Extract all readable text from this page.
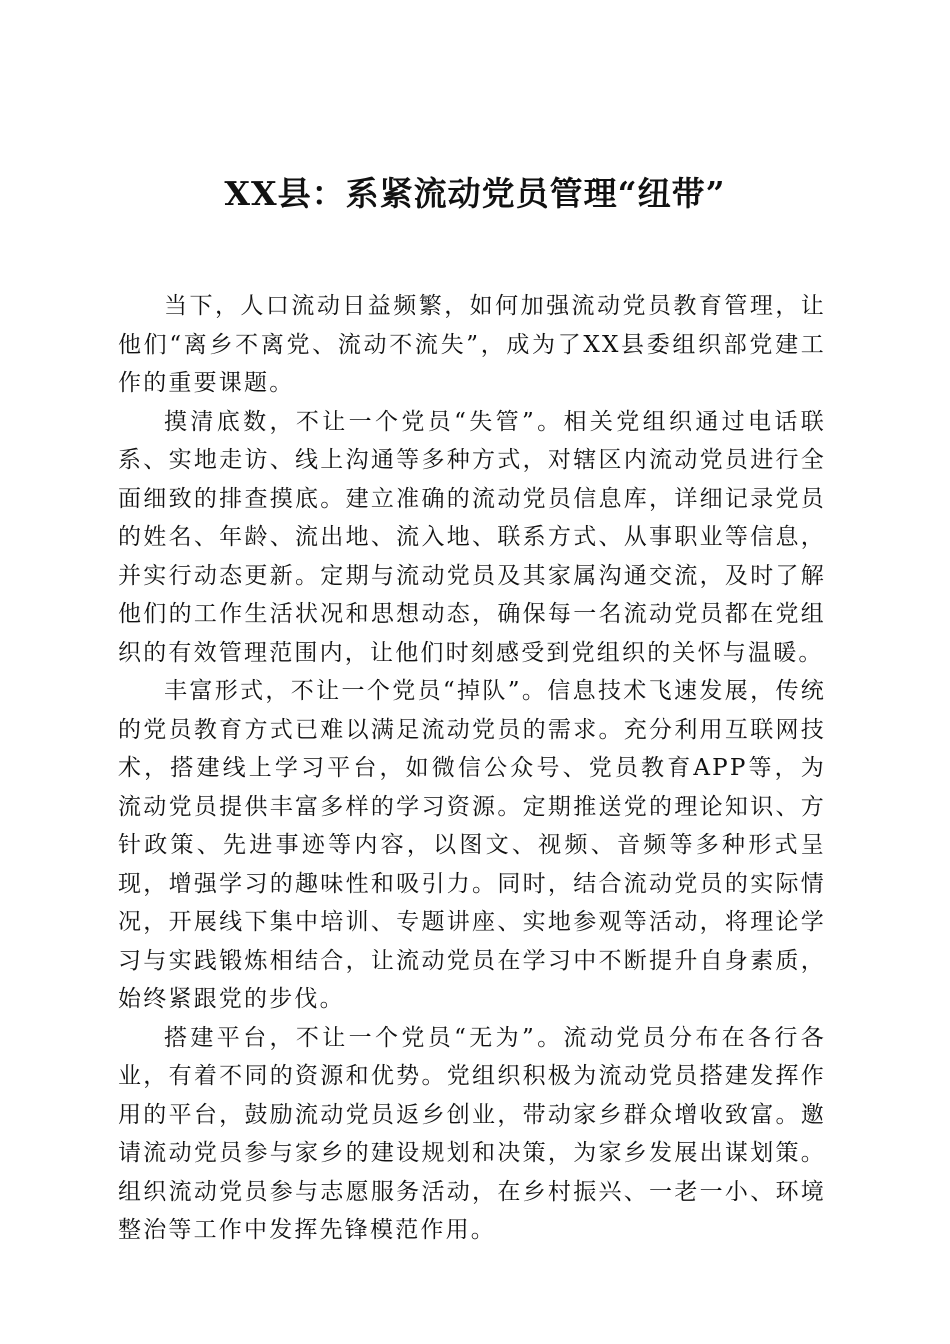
XX县：系紧流动党员管理“纽带”

当下，人口流动日益频繁，如何加强流动党员教育管理，让他们“离乡不离党、流动不流失”，成为了XX县委组织部党建工作的重要课题。

摸清底数，不让一个党员“失管”。相关党组织通过电话联系、实地走访、线上沟通等多种方式，对辖区内流动党员进行全面细致的排查摸底。建立准确的流动党员信息库，详细记录党员的姓名、年龄、流出地、流入地、联系方式、从事职业等信息，并实行动态更新。定期与流动党员及其家属沟通交流，及时了解他们的工作生活状况和思想动态，确保每一名流动党员都在党组织的有效管理范围内，让他们时刻感受到党组织的关怀与温暖。

丰富形式，不让一个党员“掉队”。信息技术飞速发展，传统的党员教育方式已难以满足流动党员的需求。充分利用互联网技术，搭建线上学习平台，如微信公众号、党员教育APP等，为流动党员提供丰富多样的学习资源。定期推送党的理论知识、方针政策、先进事迹等内容，以图文、视频、音频等多种形式呈现，增强学习的趣味性和吸引力。同时，结合流动党员的实际情况，开展线下集中培训、专题讲座、实地参观等活动，将理论学习与实践锻炼相结合，让流动党员在学习中不断提升自身素质，始终紧跟党的步伐。

搭建平台，不让一个党员“无为”。流动党员分布在各行各业，有着不同的资源和优势。党组织积极为流动党员搭建发挥作用的平台，鼓励流动党员返乡创业，带动家乡群众增收致富。邀请流动党员参与家乡的建设规划和决策，为家乡发展出谋划策。组织流动党员参与志愿服务活动，在乡村振兴、一老一小、环境整治等工作中发挥先锋模范作用。
